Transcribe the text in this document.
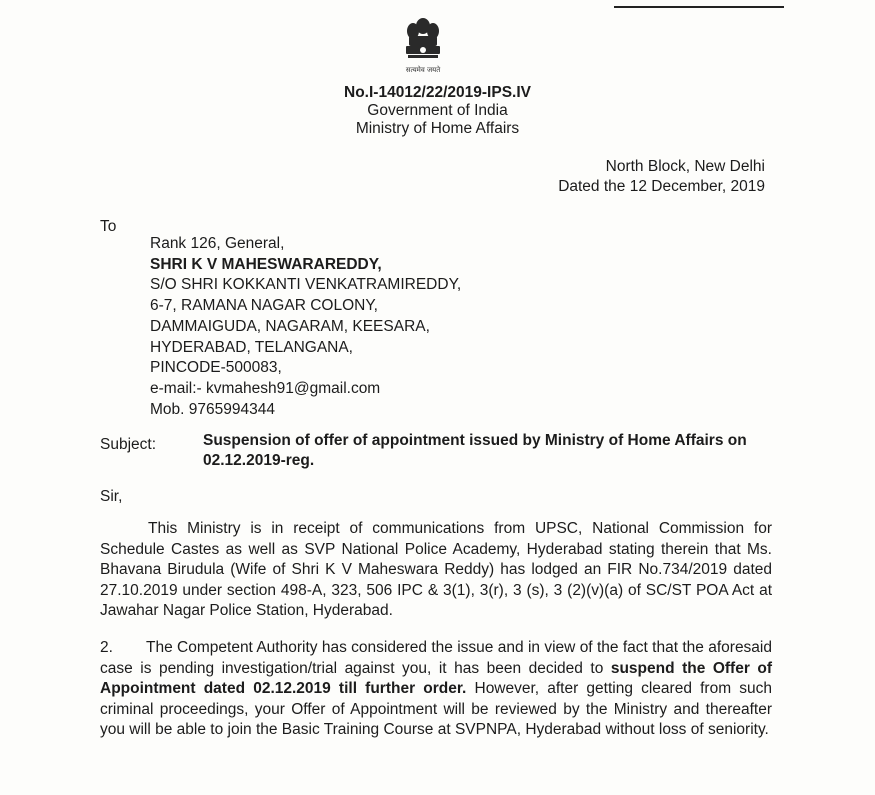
सत्यमेव जयते
No.I-14012/22/2019-IPS.IV
Government of India
Ministry of Home Affairs
North Block, New Delhi
Dated the 12 December, 2019
To
Rank 126, General,
SHRI K V MAHESWARAREDDY,
S/O SHRI KOKKANTI VENKATRAMIREDDY,
6-7, RAMANA NAGAR COLONY,
DAMMAIGUDA, NAGARAM, KEESARA,
HYDERABAD, TELANGANA,
PINCODE-500083,
e-mail:- kvmahesh91@gmail.com
Mob. 9765994344
Subject:	Suspension of offer of appointment issued by Ministry of Home Affairs on 02.12.2019-reg.
Sir,

This Ministry is in receipt of communications from UPSC, National Commission for Schedule Castes as well as SVP National Police Academy, Hyderabad stating therein that Ms. Bhavana Birudula (Wife of Shri K V Maheswara Reddy) has lodged an FIR No.734/2019 dated 27.10.2019 under section 498-A, 323, 506 IPC & 3(1), 3(r), 3 (s), 3 (2)(v)(a) of SC/ST POA Act at Jawahar Nagar Police Station, Hyderabad.

2. The Competent Authority has considered the issue and in view of the fact that the aforesaid case is pending investigation/trial against you, it has been decided to suspend the Offer of Appointment dated 02.12.2019 till further order. However, after getting cleared from such criminal proceedings, your Offer of Appointment will be reviewed by the Ministry and thereafter you will be able to join the Basic Training Course at SVPNPA, Hyderabad without loss of seniority.
